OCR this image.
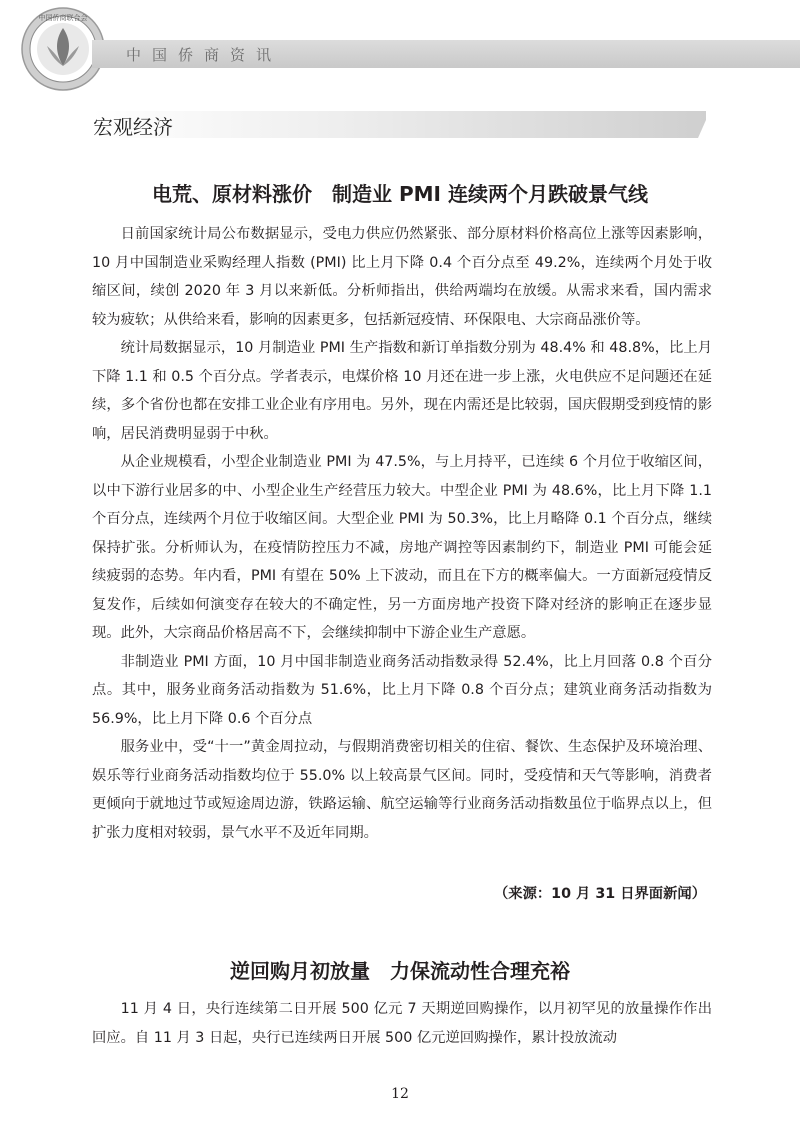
中国侨商联合会
中国侨商资讯
宏观经济
电荒、原材料涨价　制造业 PMI 连续两个月跌破景气线

日前国家统计局公布数据显示，受电力供应仍然紧张、部分原材料价格高位上涨等因素影响，10 月中国制造业采购经理人指数 (PMI) 比上月下降 0.4 个百分点至 49.2%，连续两个月处于收缩区间，续创 2020 年 3 月以来新低。分析师指出，供给两端均在放缓。从需求来看，国内需求较为疲软；从供给来看，影响的因素更多，包括新冠疫情、环保限电、大宗商品涨价等。

统计局数据显示，10 月制造业 PMI 生产指数和新订单指数分别为 48.4% 和 48.8%，比上月下降 1.1 和 0.5 个百分点。学者表示，电煤价格 10 月还在进一步上涨，火电供应不足问题还在延续，多个省份也都在安排工业企业有序用电。另外，现在内需还是比较弱，国庆假期受到疫情的影响，居民消费明显弱于中秋。

从企业规模看，小型企业制造业 PMI 为 47.5%，与上月持平，已连续 6 个月位于收缩区间，以中下游行业居多的中、小型企业生产经营压力较大。中型企业 PMI 为 48.6%，比上月下降 1.1 个百分点，连续两个月位于收缩区间。大型企业 PMI 为 50.3%，比上月略降 0.1 个百分点，继续保持扩张。分析师认为，在疫情防控压力不减，房地产调控等因素制约下，制造业 PMI 可能会延续疲弱的态势。年内看，PMI 有望在 50% 上下波动，而且在下方的概率偏大。一方面新冠疫情反复发作，后续如何演变存在较大的不确定性，另一方面房地产投资下降对经济的影响正在逐步显现。此外，大宗商品价格居高不下，会继续抑制中下游企业生产意愿。

非制造业 PMI 方面，10 月中国非制造业商务活动指数录得 52.4%，比上月回落 0.8 个百分点。其中，服务业商务活动指数为 51.6%，比上月下降 0.8 个百分点；建筑业商务活动指数为 56.9%，比上月下降 0.6 个百分点

服务业中，受“十一”黄金周拉动，与假期消费密切相关的住宿、餐饮、生态保护及环境治理、娱乐等行业商务活动指数均位于 55.0% 以上较高景气区间。同时，受疫情和天气等影响，消费者更倾向于就地过节或短途周边游，铁路运输、航空运输等行业商务活动指数虽位于临界点以上，但扩张力度相对较弱，景气水平不及近年同期。

（来源：10 月 31 日界面新闻）
逆回购月初放量　力保流动性合理充裕

11 月 4 日，央行连续第二日开展 500 亿元 7 天期逆回购操作，以月初罕见的放量操作作出回应。自 11 月 3 日起，央行已连续两日开展 500 亿元逆回购操作，累计投放流动

12
